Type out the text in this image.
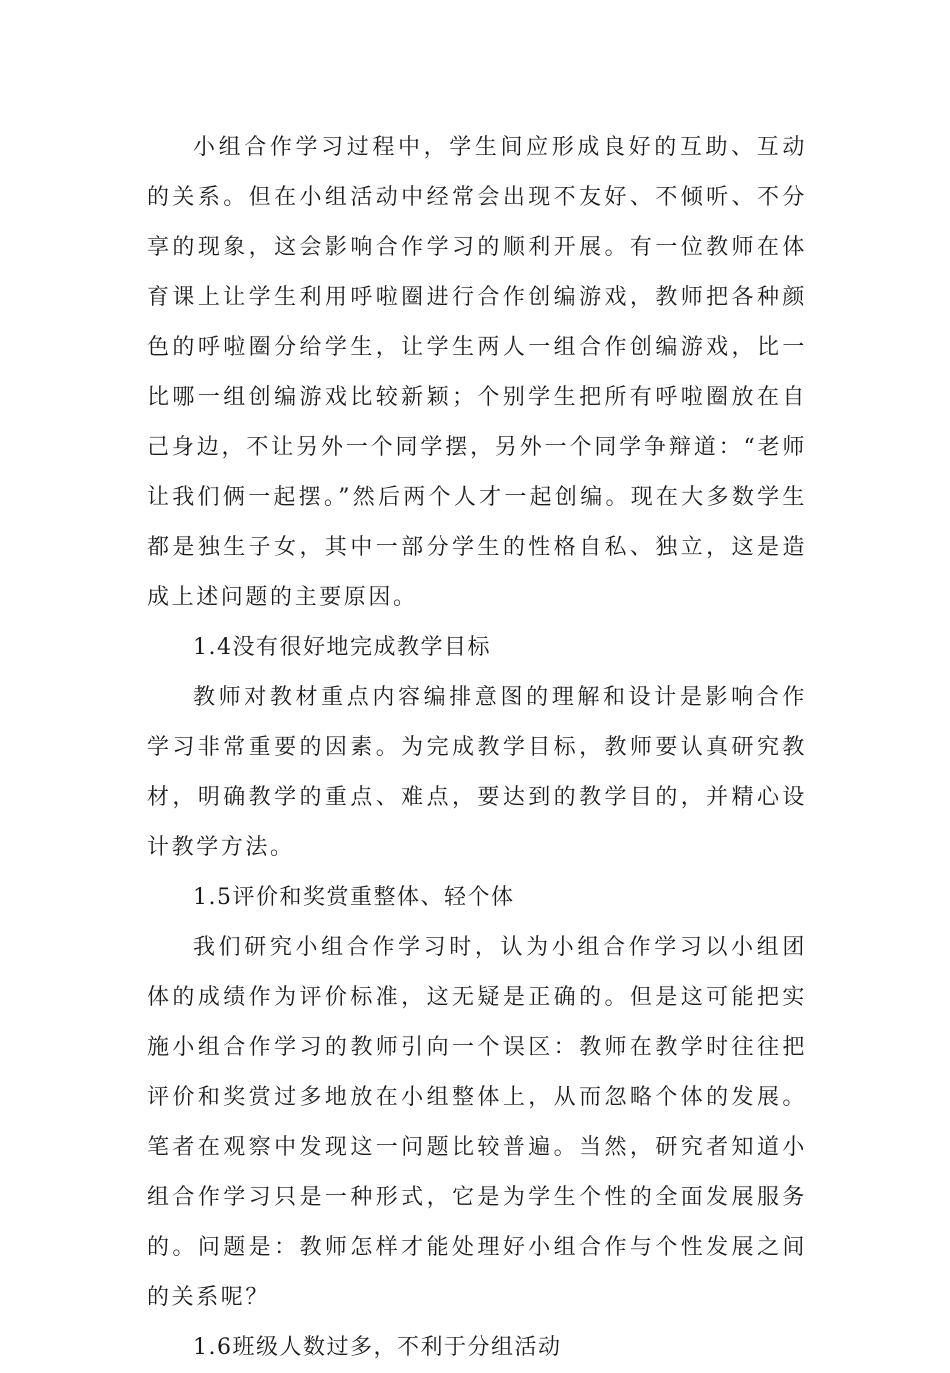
小组合作学习过程中，学生间应形成良好的互助、互动的关系。但在小组活动中经常会出现不友好、不倾听、不分享的现象，这会影响合作学习的顺利开展。有一位教师在体育课上让学生利用呼啦圈进行合作创编游戏，教师把各种颜色的呼啦圈分给学生，让学生两人一组合作创编游戏，比一比哪一组创编游戏比较新颖；个别学生把所有呼啦圈放在自己身边，不让另外一个同学摆，另外一个同学争辩道：“老师让我们俩一起摆。”然后两个人才一起创编。现在大多数学生都是独生子女，其中一部分学生的性格自私、独立，这是造成上述问题的主要原因。

1.4没有很好地完成教学目标

教师对教材重点内容编排意图的理解和设计是影响合作学习非常重要的因素。为完成教学目标，教师要认真研究教材，明确教学的重点、难点，要达到的教学目的，并精心设计教学方法。

1.5评价和奖赏重整体、轻个体

我们研究小组合作学习时，认为小组合作学习以小组团体的成绩作为评价标准，这无疑是正确的。但是这可能把实施小组合作学习的教师引向一个误区：教师在教学时往往把评价和奖赏过多地放在小组整体上，从而忽略个体的发展。笔者在观察中发现这一问题比较普遍。当然，研究者知道小组合作学习只是一种形式，它是为学生个性的全面发展服务的。问题是：教师怎样才能处理好小组合作与个性发展之间的关系呢？

1.6班级人数过多，不利于分组活动
